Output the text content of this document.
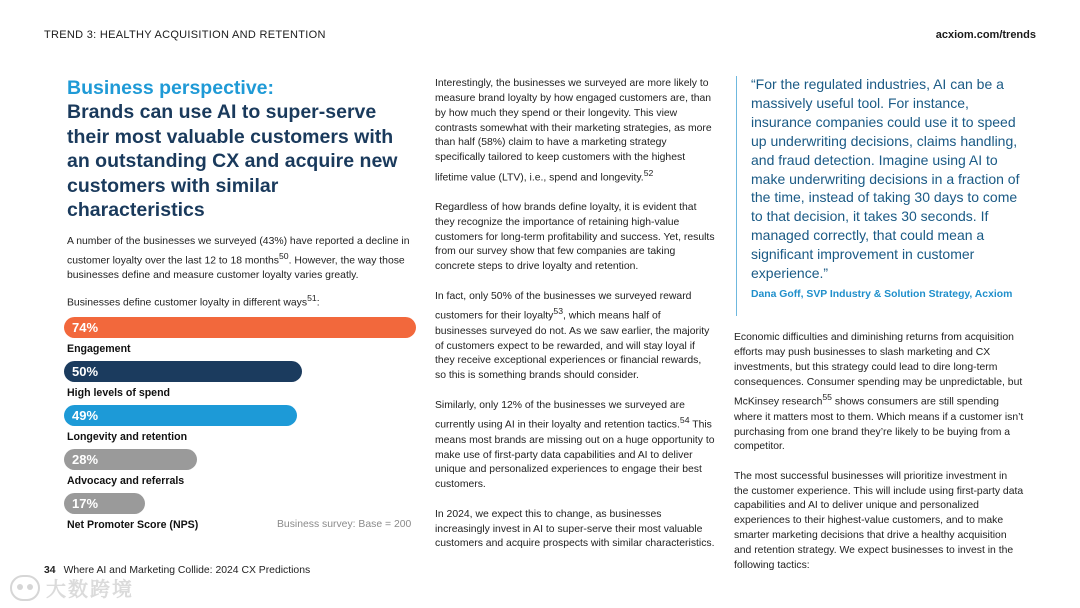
TREND 3: HEALTHY ACQUISITION AND RETENTION	acxiom.com/trends
Business perspective:
Brands can use AI to super-serve their most valuable customers with an outstanding CX and acquire new customers with similar characteristics
A number of the businesses we surveyed (43%) have reported a decline in customer loyalty over the last 12 to 18 months$^{50}$. However, the way those businesses define and measure customer loyalty varies greatly.
Businesses define customer loyalty in different ways$^{51}$:
74%
Engagement
50%
High levels of spend
49%
Longevity and retention
28%
Advocacy and referrals
17%
Net Promoter Score (NPS)	Business survey: Base = 200

Interestingly, the businesses we surveyed are more likely to measure brand loyalty by how engaged customers are, than by how much they spend or their longevity. This view contrasts somewhat with their marketing strategies, as more than half (58%) claim to have a marketing strategy specifically tailored to keep customers with the highest lifetime value (LTV), i.e., spend and longevity.$^{52}$

Regardless of how brands define loyalty, it is evident that they recognize the importance of retaining high-value customers for long-term profitability and success. Yet, results from our survey show that few companies are taking concrete steps to drive loyalty and retention.

In fact, only 50% of the businesses we surveyed reward customers for their loyalty$^{53}$, which means half of businesses surveyed do not. As we saw earlier, the majority of customers expect to be rewarded, and will stay loyal if they receive exceptional experiences or financial rewards, so this is something brands should consider.

Similarly, only 12% of the businesses we surveyed are currently using AI in their loyalty and retention tactics.$^{54}$ This means most brands are missing out on a huge opportunity to make use of first-party data capabilities and AI to deliver unique and personalized experiences to engage their best customers.

In 2024, we expect this to change, as businesses increasingly invest in AI to super-serve their most valuable customers and acquire prospects with similar characteristics.

“For the regulated industries, AI can be a massively useful tool. For instance, insurance companies could use it to speed up underwriting decisions, claims handling, and fraud detection. Imagine using AI to make underwriting decisions in a fraction of the time, instead of taking 30 days to come to that decision, it takes 30 seconds. If managed correctly, that could mean a significant improvement in customer experience.”
Dana Goff, SVP Industry & Solution Strategy, Acxiom

Economic difficulties and diminishing returns from acquisition efforts may push businesses to slash marketing and CX investments, but this strategy could lead to dire long-term consequences. Consumer spending may be unpredictable, but McKinsey research$^{55}$ shows consumers are still spending where it matters most to them. Which means if a customer isn’t purchasing from one brand they’re likely to be buying from a competitor.

The most successful businesses will prioritize investment in the customer experience. This will include using first-party data capabilities and AI to deliver unique and personalized experiences to their highest-value customers, and to make smarter marketing decisions that drive a healthy acquisition and retention strategy. We expect businesses to invest in the following tactics:

34 Where AI and Marketing Collide: 2024 CX Predictions
大数跨境
